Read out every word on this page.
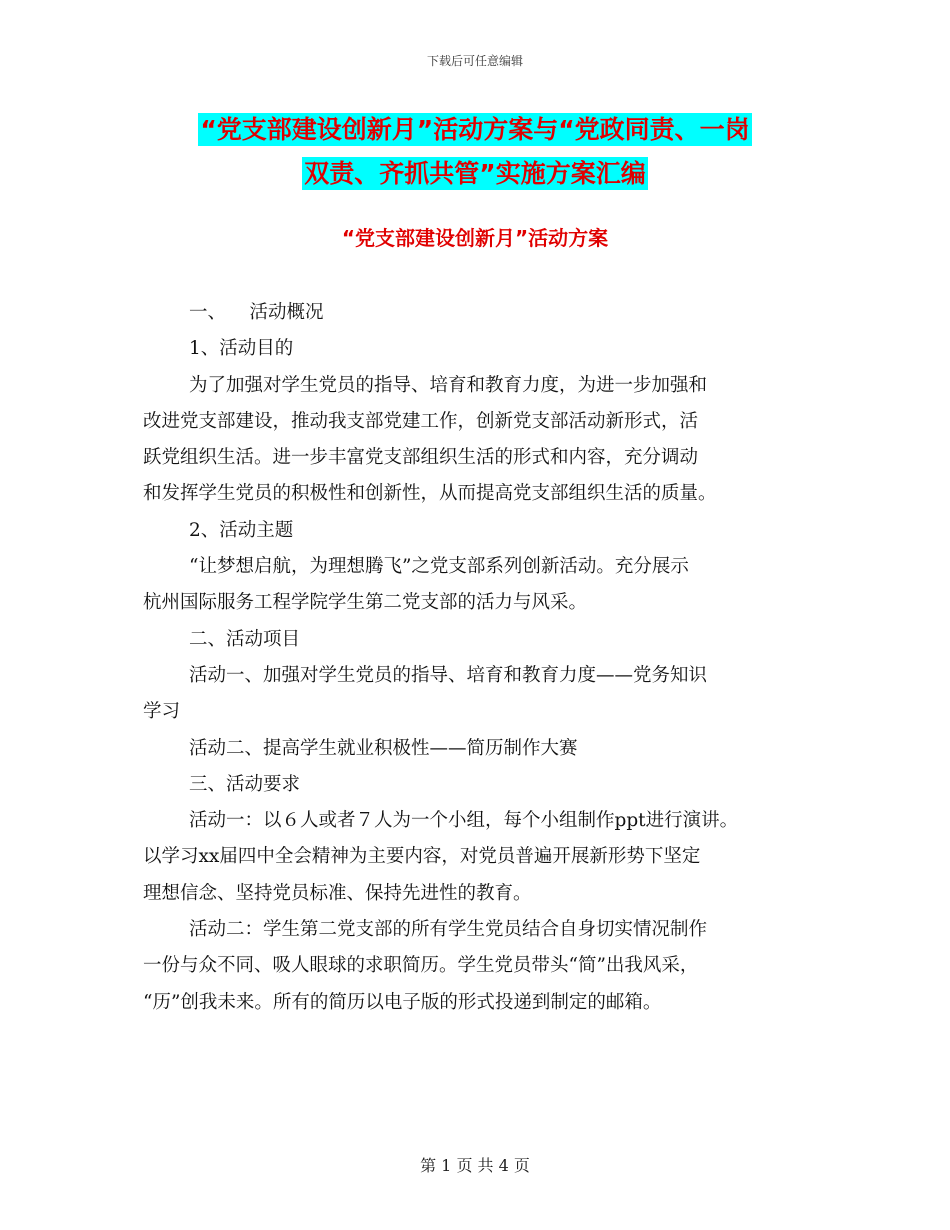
下载后可任意编辑
“党支部建设创新月”活动方案与“党政同责、一岗
双责、齐抓共管”实施方案汇编
“党支部建设创新月”活动方案
一、    活动概况
1、活动目的
为了加强对学生党员的指导、培育和教育力度，为进一步加强和
改进党支部建设，推动我支部党建工作，创新党支部活动新形式，活
跃党组织生活。进一步丰富党支部组织生活的形式和内容，充分调动
和发挥学生党员的积极性和创新性，从而提高党支部组织生活的质量。
2、活动主题
“让梦想启航，为理想腾飞”之党支部系列创新活动。充分展示
杭州国际服务工程学院学生第二党支部的活力与风采。
二、活动项目
活动一、加强对学生党员的指导、培育和教育力度——党务知识
学习
活动二、提高学生就业积极性——简历制作大赛
三、活动要求
活动一：以６人或者７人为一个小组，每个小组制作ppt进行演讲。
以学习xx届四中全会精神为主要内容，对党员普遍开展新形势下坚定
理想信念、坚持党员标准、保持先进性的教育。
活动二：学生第二党支部的所有学生党员结合自身切实情况制作
一份与众不同、吸人眼球的求职简历。学生党员带头“简”出我风采，
“历”创我未来。所有的简历以电子版的形式投递到制定的邮箱。
第 1 页 共 4 页
